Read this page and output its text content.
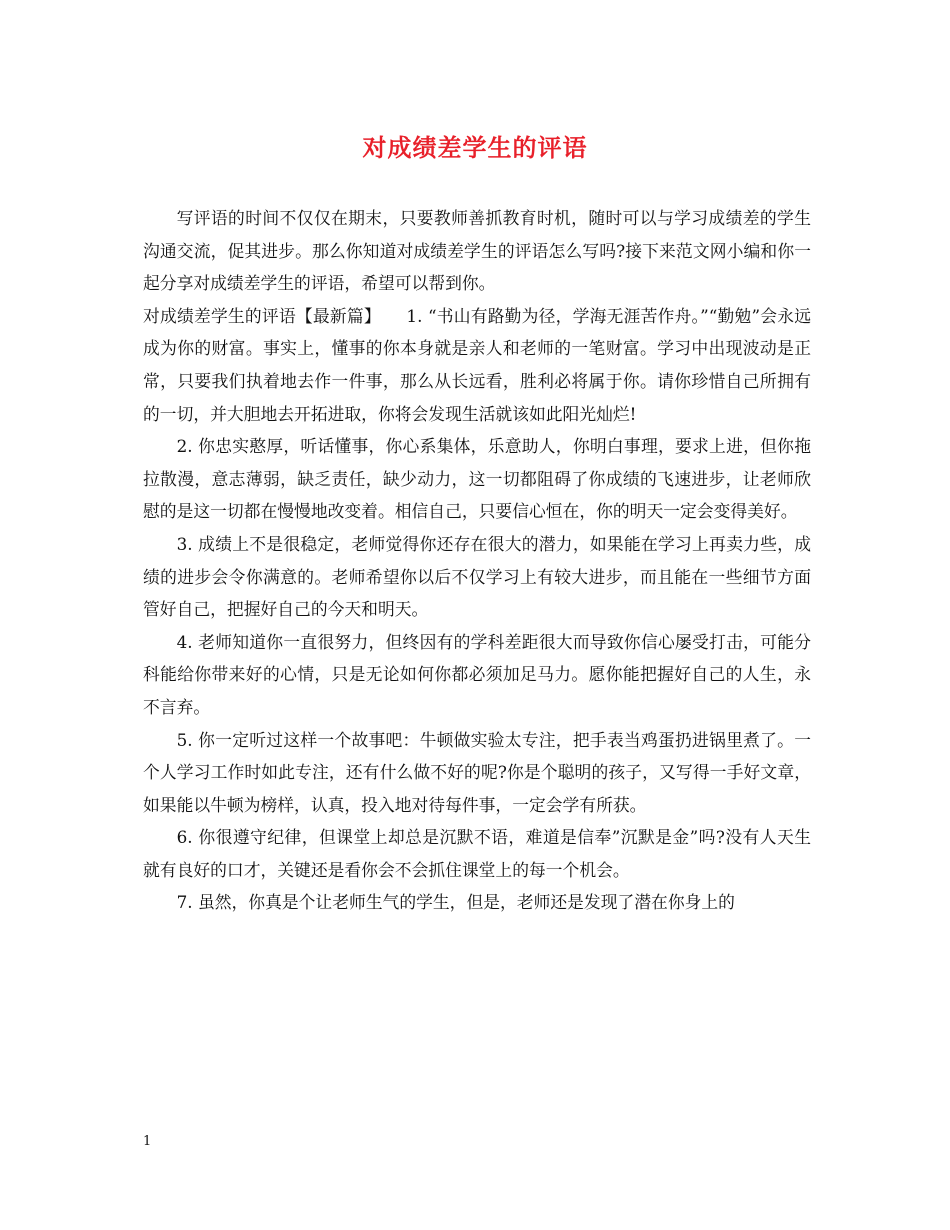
对成绩差学生的评语

写评语的时间不仅仅在期末，只要教师善抓教育时机，随时可以与学习成绩差的学生沟通交流，促其进步。那么你知道对成绩差学生的评语怎么写吗?接下来范文网小编和你一起分享对成绩差学生的评语，希望可以帮到你。

对成绩差学生的评语【最新篇】　　1. “书山有路勤为径，学海无涯苦作舟。”“勤勉”会永远成为你的财富。事实上，懂事的你本身就是亲人和老师的一笔财富。学习中出现波动是正常，只要我们执着地去作一件事，那么从长远看，胜利必将属于你。请你珍惜自己所拥有的一切，并大胆地去开拓进取，你将会发现生活就该如此阳光灿烂!

2. 你忠实憨厚，听话懂事，你心系集体，乐意助人，你明白事理，要求上进，但你拖拉散漫，意志薄弱，缺乏责任，缺少动力，这一切都阻碍了你成绩的飞速进步，让老师欣慰的是这一切都在慢慢地改变着。相信自己，只要信心恒在，你的明天一定会变得美好。

3. 成绩上不是很稳定，老师觉得你还存在很大的潜力，如果能在学习上再卖力些，成绩的进步会令你满意的。老师希望你以后不仅学习上有较大进步，而且能在一些细节方面管好自己，把握好自己的今天和明天。

4. 老师知道你一直很努力，但终因有的学科差距很大而导致你信心屡受打击，可能分科能给你带来好的心情，只是无论如何你都必须加足马力。愿你能把握好自己的人生，永不言弃。

5. 你一定听过这样一个故事吧：牛顿做实验太专注，把手表当鸡蛋扔进锅里煮了。一个人学习工作时如此专注，还有什么做不好的呢?你是个聪明的孩子，又写得一手好文章，如果能以牛顿为榜样，认真，投入地对待每件事，一定会学有所获。

6. 你很遵守纪律，但课堂上却总是沉默不语，难道是信奉”沉默是金”吗?没有人天生就有良好的口才，关键还是看你会不会抓住课堂上的每一个机会。

7. 虽然，你真是个让老师生气的学生，但是，老师还是发现了潜在你身上的

1
